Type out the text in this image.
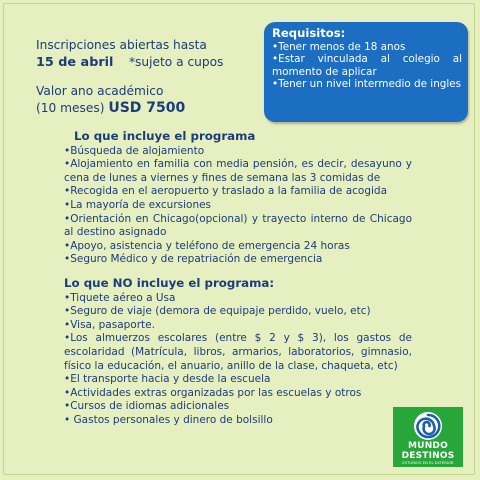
Inscripciones abiertas hasta
15 de abril *sujeto a cupos
Valor ano académico
(10 meses) USD 7500
Requisitos:
•Tener menos de 18 anos
•Estar vinculada al colegio al momento de aplicar
•Tener un nivel intermedio de ingles
Lo que incluye el programa
•Búsqueda de alojamiento
•Alojamiento en familia con media pensión, es decir, desayuno y cena de lunes a viernes y fines de semana las 3 comidas de
•Recogida en el aeropuerto y traslado a la familia de acogida
•La mayoría de excursiones
•Orientación en Chicago(opcional) y trayecto interno de Chicago al destino asignado
•Apoyo, asistencia y teléfono de emergencia 24 horas
•Seguro Médico y de repatriación de emergencia
Lo que NO incluye el programa:
•Tiquete aéreo a Usa
•Seguro de viaje (demora de equipaje perdido, vuelo, etc)
•Visa, pasaporte.
•Los almuerzos escolares (entre $ 2 y $ 3), los gastos de escolaridad (Matrícula, libros, armarios, laboratorios, gimnasio, físico la educación, el anuario, anillo de la clase, chaqueta, etc)
•El transporte hacia y desde la escuela
•Actividades extras organizadas por las escuelas y otros
•Cursos de idiomas adicionales
• Gastos personales y dinero de bolsillo
MUNDO
DESTINOS
ESTUDIOS EN EL EXTERIOR
